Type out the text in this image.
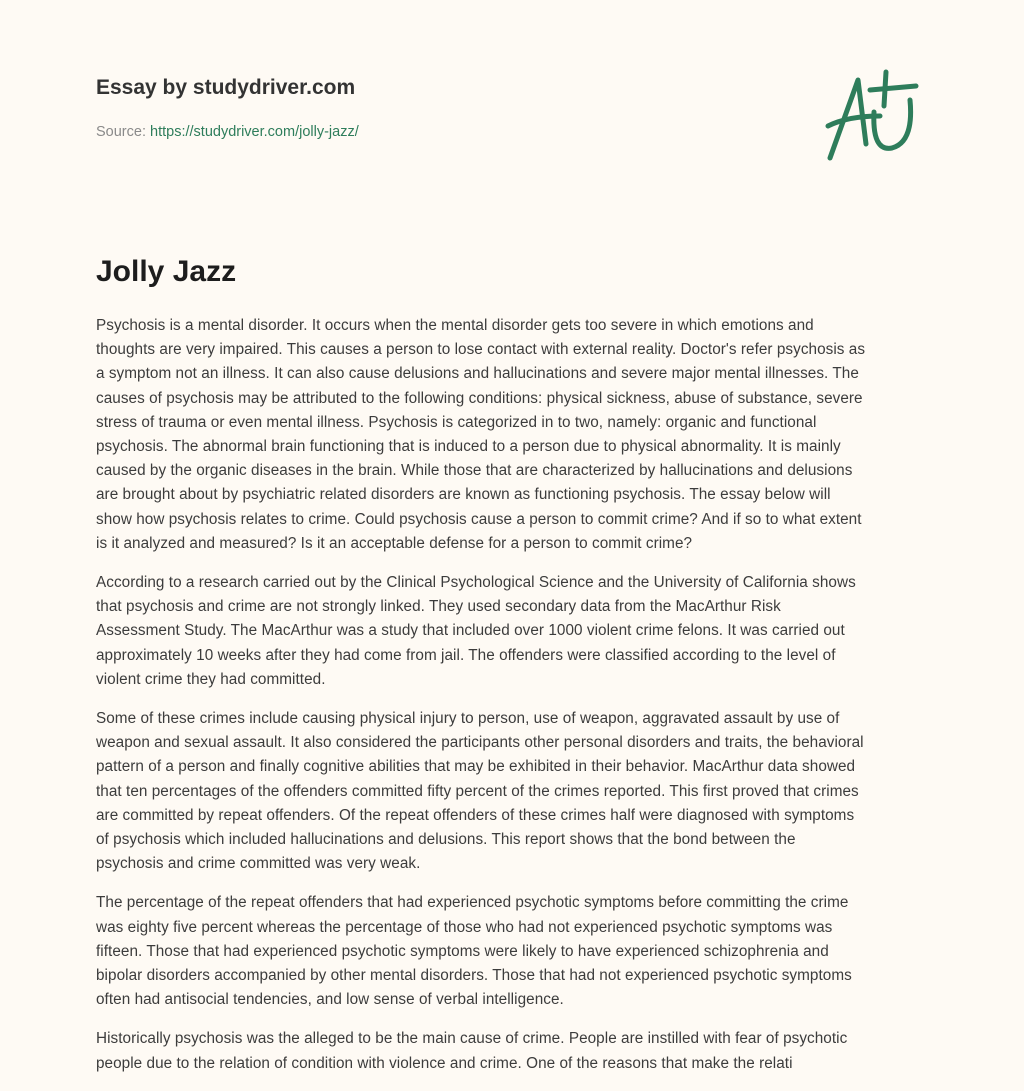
Essay by studydriver.com
Source: https://studydriver.com/jolly-jazz/
Jolly Jazz

Psychosis is a mental disorder. It occurs when the mental disorder gets too severe in which emotions and
thoughts are very impaired. This causes a person to lose contact with external reality. Doctor's refer psychosis as
a symptom not an illness. It can also cause delusions and hallucinations and severe major mental illnesses. The
causes of psychosis may be attributed to the following conditions: physical sickness, abuse of substance, severe
stress of trauma or even mental illness. Psychosis is categorized in to two, namely: organic and functional
psychosis. The abnormal brain functioning that is induced to a person due to physical abnormality. It is mainly
caused by the organic diseases in the brain. While those that are characterized by hallucinations and delusions
are brought about by psychiatric related disorders are known as functioning psychosis. The essay below will
show how psychosis relates to crime. Could psychosis cause a person to commit crime? And if so to what extent
is it analyzed and measured? Is it an acceptable defense for a person to commit crime?

According to a research carried out by the Clinical Psychological Science and the University of California shows
that psychosis and crime are not strongly linked. They used secondary data from the MacArthur Risk
Assessment Study. The MacArthur was a study that included over 1000 violent crime felons. It was carried out
approximately 10 weeks after they had come from jail. The offenders were classified according to the level of
violent crime they had committed.

Some of these crimes include causing physical injury to person, use of weapon, aggravated assault by use of
weapon and sexual assault. It also considered the participants other personal disorders and traits, the behavioral
pattern of a person and finally cognitive abilities that may be exhibited in their behavior. MacArthur data showed
that ten percentages of the offenders committed fifty percent of the crimes reported. This first proved that crimes
are committed by repeat offenders. Of the repeat offenders of these crimes half were diagnosed with symptoms
of psychosis which included hallucinations and delusions. This report shows that the bond between the
psychosis and crime committed was very weak.

The percentage of the repeat offenders that had experienced psychotic symptoms before committing the crime
was eighty five percent whereas the percentage of those who had not experienced psychotic symptoms was
fifteen. Those that had experienced psychotic symptoms were likely to have experienced schizophrenia and
bipolar disorders accompanied by other mental disorders. Those that had not experienced psychotic symptoms
often had antisocial tendencies, and low sense of verbal intelligence.

Historically psychosis was the alleged to be the main cause of crime. People are instilled with fear of psychotic
people due to the relation of condition with violence and crime. One of the reasons that make the relati
